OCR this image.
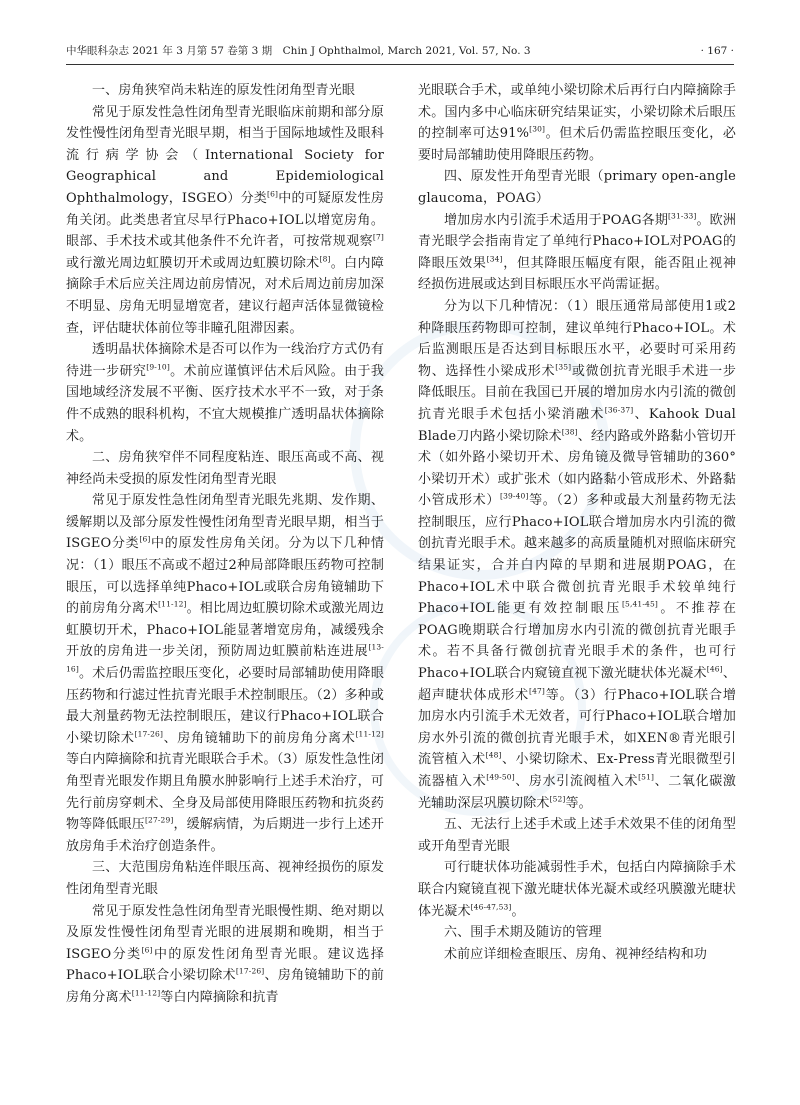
中华眼科杂志 2021 年 3 月第 57 卷第 3 期　Chin J Ophthalmol, March 2021, Vol. 57, No. 3	· 167 ·

一、房角狭窄尚未粘连的原发性闭角型青光眼

常见于原发性急性闭角型青光眼临床前期和部分原发性慢性闭角型青光眼早期，相当于国际地域性及眼科流行病学协会（International Society for Geographical and Epidemiological Ophthalmology，ISGEO）分类[6]中的可疑原发性房角关闭。此类患者宜尽早行Phaco+IOL以增宽房角。眼部、手术技术或其他条件不允许者，可按常规观察[7]或行激光周边虹膜切开术或周边虹膜切除术[8]。白内障摘除手术后应关注周边前房情况，对术后周边前房加深不明显、房角无明显增宽者，建议行超声活体显微镜检查，评估睫状体前位等非瞳孔阻滞因素。

透明晶状体摘除术是否可以作为一线治疗方式仍有待进一步研究[9-10]。术前应谨慎评估术后风险。由于我国地域经济发展不平衡、医疗技术水平不一致，对于条件不成熟的眼科机构，不宜大规模推广透明晶状体摘除术。

二、房角狭窄伴不同程度粘连、眼压高或不高、视神经尚未受损的原发性闭角型青光眼

常见于原发性急性闭角型青光眼先兆期、发作期、缓解期以及部分原发性慢性闭角型青光眼早期，相当于ISGEO分类[6]中的原发性房角关闭。分为以下几种情况：（1）眼压不高或不超过2种局部降眼压药物可控制眼压，可以选择单纯Phaco+IOL或联合房角镜辅助下的前房角分离术[11-12]。相比周边虹膜切除术或激光周边虹膜切开术，Phaco+IOL能显著增宽房角，减缓残余开放的房角进一步关闭，预防周边虹膜前粘连进展[13-16]。术后仍需监控眼压变化，必要时局部辅助使用降眼压药物和行滤过性抗青光眼手术控制眼压。（2）多种或最大剂量药物无法控制眼压，建议行Phaco+IOL联合小梁切除术[17-26]、房角镜辅助下的前房角分离术[11-12]等白内障摘除和抗青光眼联合手术。（3）原发性急性闭角型青光眼发作期且角膜水肿影响行上述手术治疗，可先行前房穿刺术、全身及局部使用降眼压药物和抗炎药物等降低眼压[27-29]，缓解病情，为后期进一步行上述开放房角手术治疗创造条件。

三、大范围房角粘连伴眼压高、视神经损伤的原发性闭角型青光眼

常见于原发性急性闭角型青光眼慢性期、绝对期以及原发性慢性闭角型青光眼的进展期和晚期，相当于ISGEO分类[6]中的原发性闭角型青光眼。建议选择Phaco+IOL联合小梁切除术[17-26]、房角镜辅助下的前房角分离术[11-12]等白内障摘除和抗青

光眼联合手术，或单纯小梁切除术后再行白内障摘除手术。国内多中心临床研究结果证实，小梁切除术后眼压的控制率可达91%[30]。但术后仍需监控眼压变化，必要时局部辅助使用降眼压药物。

四、原发性开角型青光眼（primary open-angle glaucoma，POAG）

增加房水内引流手术适用于POAG各期[31-33]。欧洲青光眼学会指南肯定了单纯行Phaco+IOL对POAG的降眼压效果[34]，但其降眼压幅度有限，能否阻止视神经损伤进展或达到目标眼压水平尚需证据。

分为以下几种情况：（1）眼压通常局部使用1或2种降眼压药物即可控制，建议单纯行Phaco+IOL。术后监测眼压是否达到目标眼压水平，必要时可采用药物、选择性小梁成形术[35]或微创抗青光眼手术进一步降低眼压。目前在我国已开展的增加房水内引流的微创抗青光眼手术包括小梁消融术[36-37]、Kahook Dual Blade刀内路小梁切除术[38]、经内路或外路黏小管切开术（如外路小梁切开术、房角镜及微导管辅助的360°小梁切开术）或扩张术（如内路黏小管成形术、外路黏小管成形术）[39-40]等。（2）多种或最大剂量药物无法控制眼压，应行Phaco+IOL联合增加房水内引流的微创抗青光眼手术。越来越多的高质量随机对照临床研究结果证实，合并白内障的早期和进展期POAG，在Phaco+IOL术中联合微创抗青光眼手术较单纯行Phaco+IOL能更有效控制眼压[5,41-45]。不推荐在POAG晚期联合行增加房水内引流的微创抗青光眼手术。若不具备行微创抗青光眼手术的条件，也可行Phaco+IOL联合内窥镜直视下激光睫状体光凝术[46]、超声睫状体成形术[47]等。（3）行Phaco+IOL联合增加房水内引流手术无效者，可行Phaco+IOL联合增加房水外引流的微创抗青光眼手术，如XEN®青光眼引流管植入术[48]、小梁切除术、Ex-Press青光眼微型引流器植入术[49-50]、房水引流阀植入术[51]、二氧化碳激光辅助深层巩膜切除术[52]等。

五、无法行上述手术或上述手术效果不佳的闭角型或开角型青光眼

可行睫状体功能减弱性手术，包括白内障摘除手术联合内窥镜直视下激光睫状体光凝术或经巩膜激光睫状体光凝术[46-47,53]。

六、围手术期及随访的管理

术前应详细检查眼压、房角、视神经结构和功
